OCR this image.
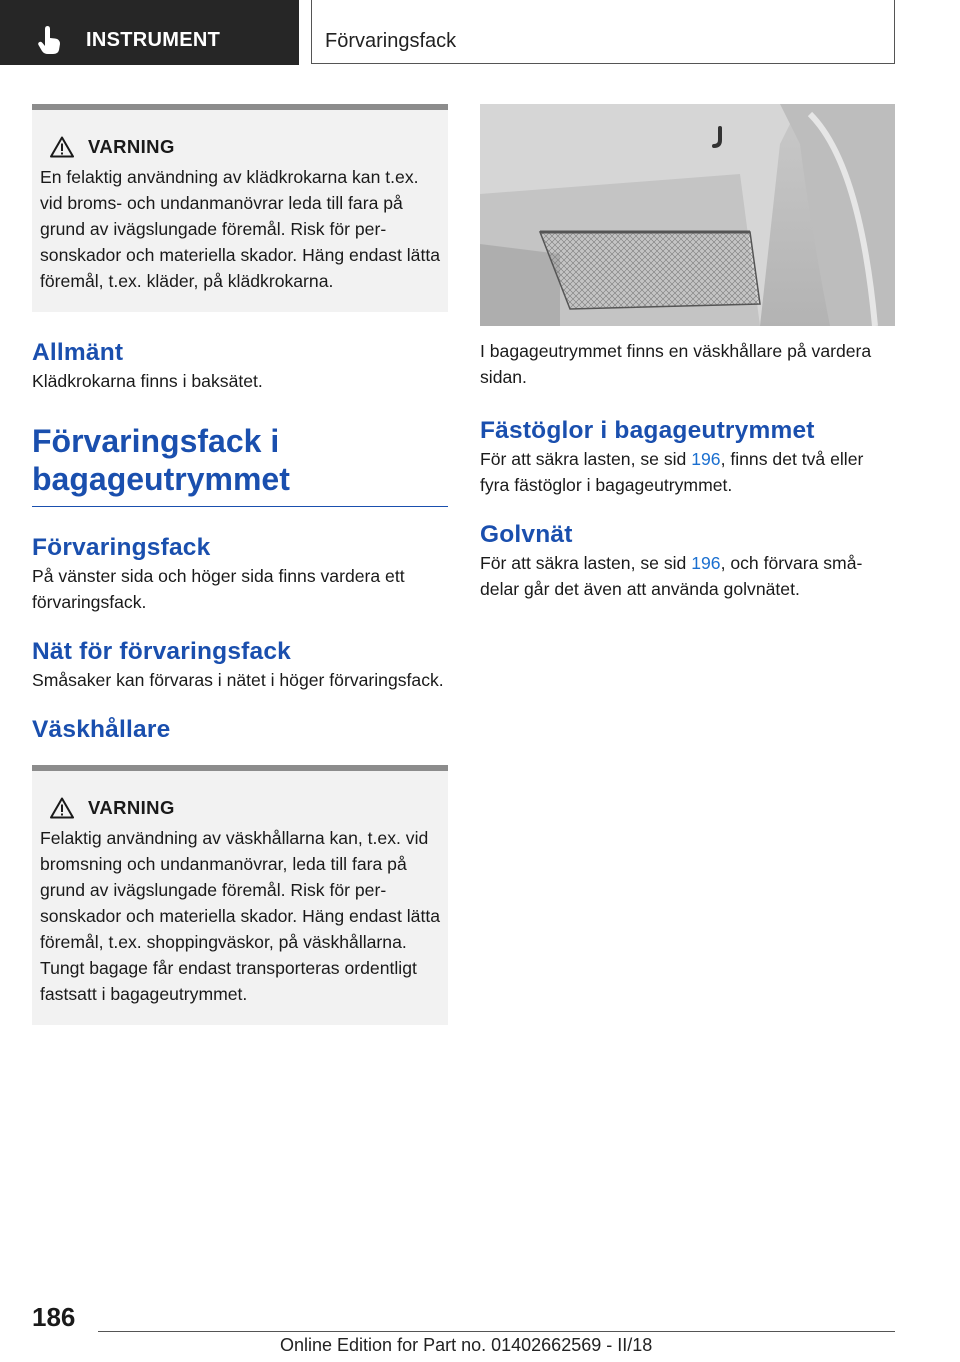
INSTRUMENT	Förvaringsfack
VARNING

En felaktig användning av klädkrokarna kan t.ex. vid broms- och undanmanövrar leda till fara på grund av ivägslungade föremål. Risk för personskador och materiella skador. Häng endast lätta föremål, t.ex. kläder, på klädkrokarna.

Allmänt

Klädkrokarna finns i baksätet.

Förvaringsfack i bagageutrymmet
Förvaringsfack

På vänster sida och höger sida finns vardera ett förvaringsfack.

Nät för förvaringsfack

Småsaker kan förvaras i nätet i höger förvaringsfack.

Väskhållare
VARNING

Felaktig användning av väskhållarna kan, t.ex. vid bromsning och undanmanövrar, leda till fara på grund av ivägslungade föremål. Risk för personskador och materiella skador. Häng endast lätta föremål, t.ex. shoppingväskor, på väskhållarna. Tungt bagage får endast transporteras ordentligt fastsatt i bagageutrymmet.

I bagageutrymmet finns en väskhållare på vardera sidan.

Fästöglor i bagageutrymmet

För att säkra lasten, se sid 196, finns det två eller fyra fästöglor i bagageutrymmet.

Golvnät

För att säkra lasten, se sid 196, och förvara smådelar går det även att använda golvnätet.

186
Online Edition for Part no. 01402662569 - II/18
